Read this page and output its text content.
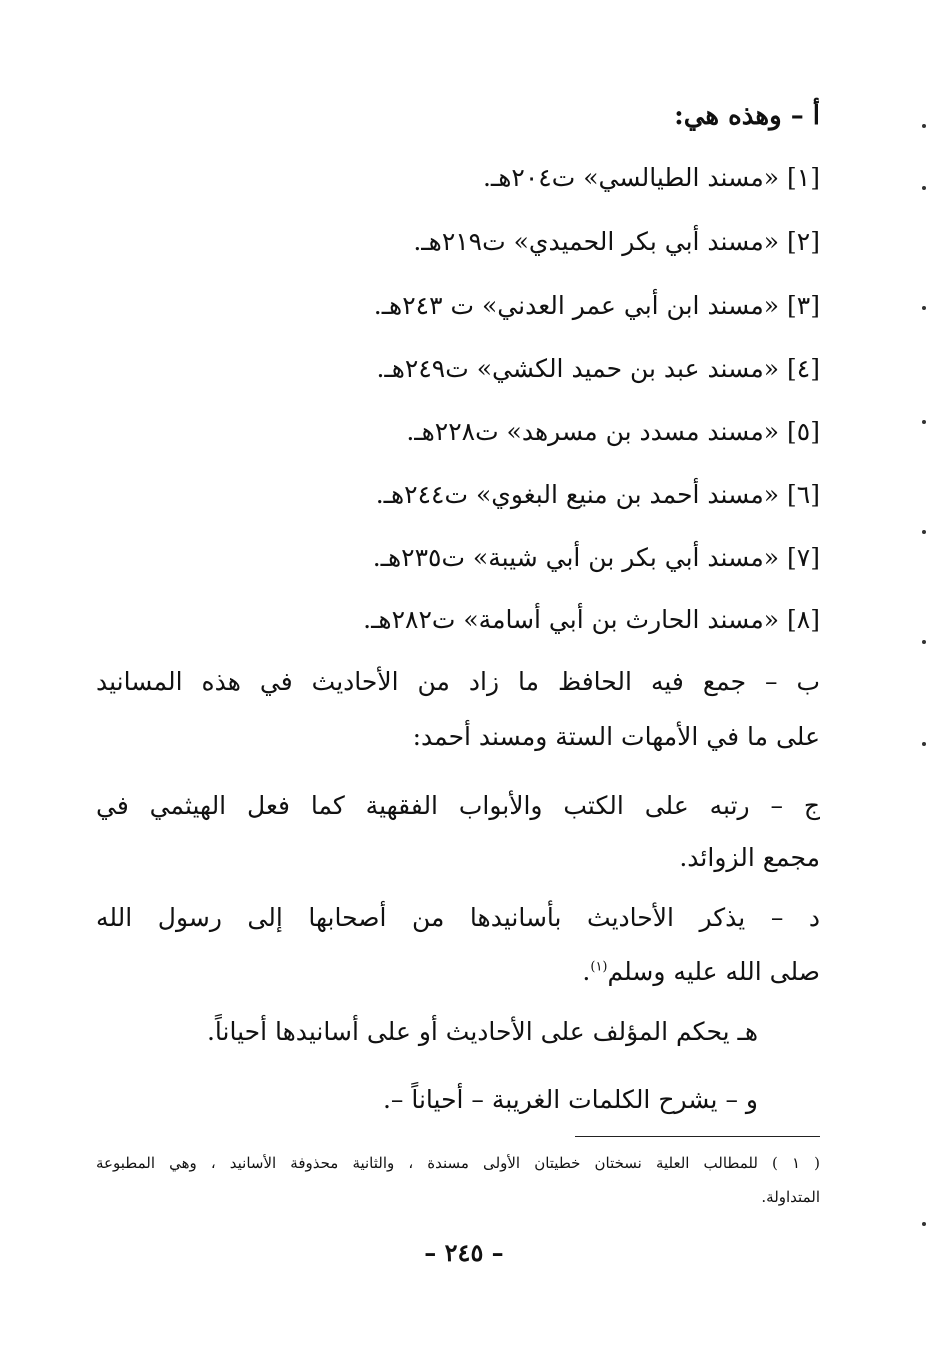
أ – وهذه هي:
[١] «مسند الطيالسي» ت٢٠٤هـ.
[٢] «مسند أبي بكر الحميدي» ت٢١٩هـ.
[٣] «مسند ابن أبي عمر العدني» ت ٢٤٣هـ.
[٤] «مسند عبد بن حميد الكشي» ت٢٤٩هـ.
[٥] «مسند مسدد بن مسرهد» ت٢٢٨هـ.
[٦] «مسند أحمد بن منيع البغوي» ت٢٤٤هـ.
[٧] «مسند أبي بكر بن أبي شيبة» ت٢٣٥هـ.
[٨] «مسند الحارث بن أبي أسامة» ت٢٨٢هـ.
ب – جمع فيه الحافظ ما زاد من الأحاديث في هذه المسانيد
على ما في الأمهات الستة ومسند أحمد:
ج – رتبه على الكتب والأبواب الفقهية كما فعل الهيثمي في
مجمع الزوائد.
د – يذكر الأحاديث بأسانيدها من أصحابها إلى رسول الله
صلى الله عليه وسلم$^{(١)}$.
هـ يحكم المؤلف على الأحاديث أو على أسانيدها أحياناً.
و – يشرح الكلمات الغريبة – أحياناً –.
( ١ ) للمطالب العلية نسختان خطيتان الأولى مسندة ، والثانية محذوفة الأسانيد ، وهي المطبوعة
المتداولة.
– ٢٤٥ –
